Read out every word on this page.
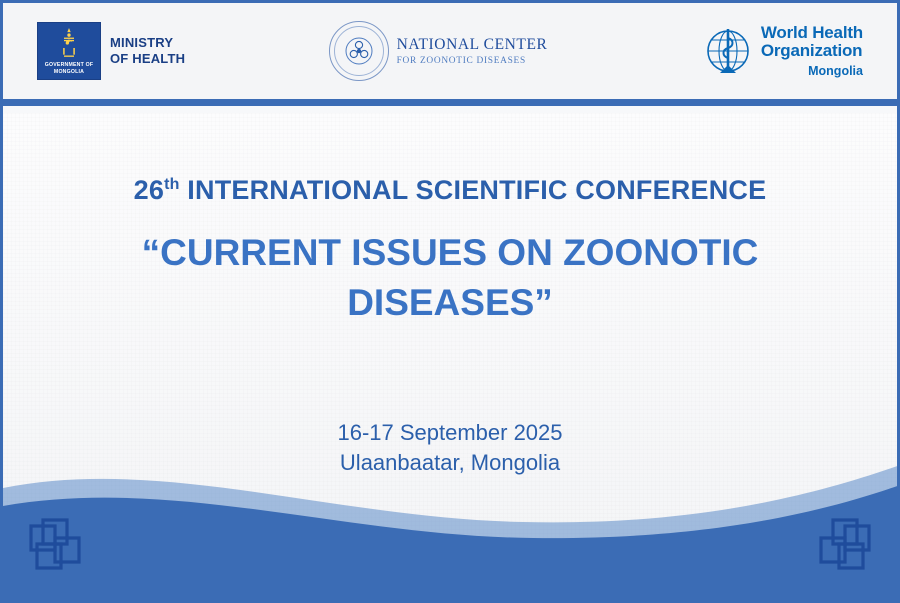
GOVERNMENT OF
MONGOLIA
MINISTRY
OF HEALTH
NATIONAL CENTER
FOR ZOONOTIC DISEASES
World Health
Organization
Mongolia
26th INTERNATIONAL SCIENTIFIC CONFERENCE
“CURRENT ISSUES ON ZOONOTIC DISEASES”
16-17 September 2025
Ulaanbaatar, Mongolia
